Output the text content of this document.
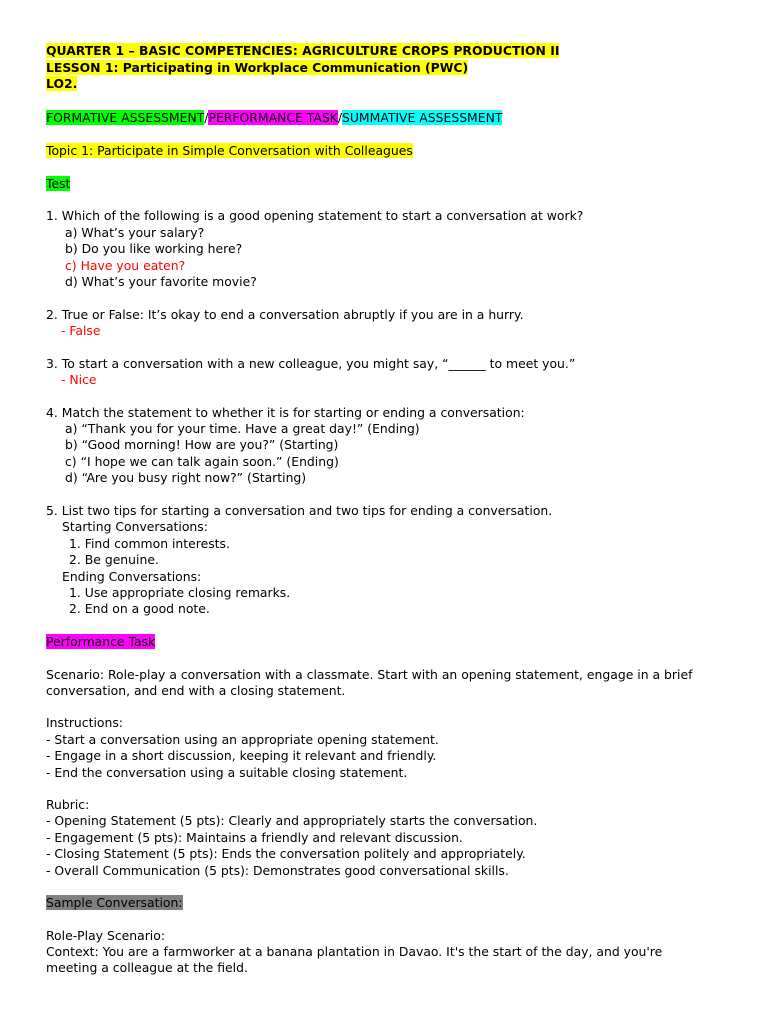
QUARTER 1 – BASIC COMPETENCIES: AGRICULTURE CROPS PRODUCTION II
LESSON 1: Participating in Workplace Communication (PWC)
LO2.
FORMATIVE ASSESSMENT/PERFORMANCE TASK/SUMMATIVE ASSESSMENT
Topic 1: Participate in Simple Conversation with Colleagues
Test
1. Which of the following is a good opening statement to start a conversation at work?
a) What’s your salary?
b) Do you like working here?
c) Have you eaten?
d) What’s your favorite movie?
2. True or False: It’s okay to end a conversation abruptly if you are in a hurry.
- False
3. To start a conversation with a new colleague, you might say, “______ to meet you.”
- Nice
4. Match the statement to whether it is for starting or ending a conversation:
a) “Thank you for your time. Have a great day!” (Ending)
b) “Good morning! How are you?” (Starting)
c) “I hope we can talk again soon.” (Ending)
d) “Are you busy right now?” (Starting)
5. List two tips for starting a conversation and two tips for ending a conversation.
Starting Conversations:
1. Find common interests.
2. Be genuine.
Ending Conversations:
1. Use appropriate closing remarks.
2. End on a good note.
Performance Task
Scenario: Role-play a conversation with a classmate. Start with an opening statement, engage in a brief conversation, and end with a closing statement.
Instructions:
- Start a conversation using an appropriate opening statement.
- Engage in a short discussion, keeping it relevant and friendly.
- End the conversation using a suitable closing statement.
Rubric:
- Opening Statement (5 pts): Clearly and appropriately starts the conversation.
- Engagement (5 pts): Maintains a friendly and relevant discussion.
- Closing Statement (5 pts): Ends the conversation politely and appropriately.
- Overall Communication (5 pts): Demonstrates good conversational skills.
Sample Conversation:
Role-Play Scenario:
Context: You are a farmworker at a banana plantation in Davao. It's the start of the day, and you're meeting a colleague at the field.
